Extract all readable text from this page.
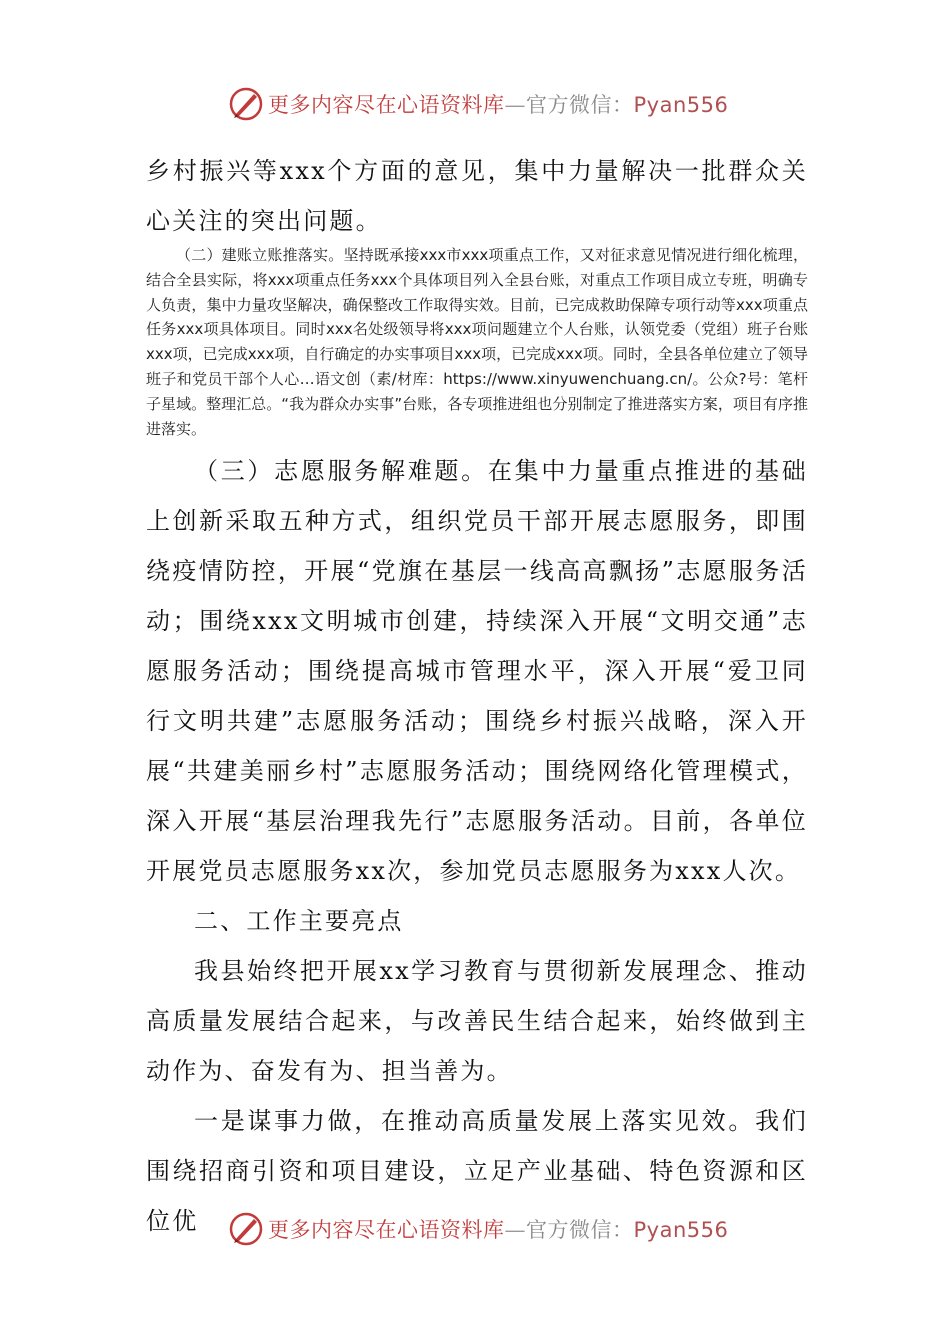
更多内容尽在心语资料库—官方微信：Pyan556

乡村振兴等xxx个方面的意见，集中力量解决一批群众关心关注的突出问题。

（二）建账立账推落实。坚持既承接xxx市xxx项重点工作，又对征求意见情况进行细化梳理，结合全县实际，将xxx项重点任务xxx个具体项目列入全县台账，对重点工作项目成立专班，明确专人负责，集中力量攻坚解决，确保整改工作取得实效。目前，已完成救助保障专项行动等xxx项重点任务xxx项具体项目。同时xxx名处级领导将xxx项问题建立个人台账，认领党委（党组）班子台账xxx项，已完成xxx项，自行确定的办实事项目xxx项，已完成xxx项。同时，全县各单位建立了领导班子和党员干部个人心…语文创（素/材库：https://www.xinyuwenchuang.cn/。公众?号：笔杆子星域。整理汇总。“我为群众办实事”台账，各专项推进组也分别制定了推进落实方案，项目有序推进落实。

（三）志愿服务解难题。在集中力量重点推进的基础上创新采取五种方式，组织党员干部开展志愿服务，即围绕疫情防控，开展“党旗在基层一线高高飘扬”志愿服务活动；围绕xxx文明城市创建，持续深入开展“文明交通”志愿服务活动；围绕提高城市管理水平，深入开展“爱卫同行文明共建”志愿服务活动；围绕乡村振兴战略，深入开展“共建美丽乡村”志愿服务活动；围绕网络化管理模式，深入开展“基层治理我先行”志愿服务活动。目前，各单位开展党员志愿服务xx次，参加党员志愿服务为xxx人次。

二、工作主要亮点

我县始终把开展xx学习教育与贯彻新发展理念、推动高质量发展结合起来，与改善民生结合起来，始终做到主动作为、奋发有为、担当善为。

一是谋事力做，在推动高质量发展上落实见效。我们围绕招商引资和项目建设，立足产业基础、特色资源和区位优	更多内容尽在心语资料库—官方微信：Pyan556
